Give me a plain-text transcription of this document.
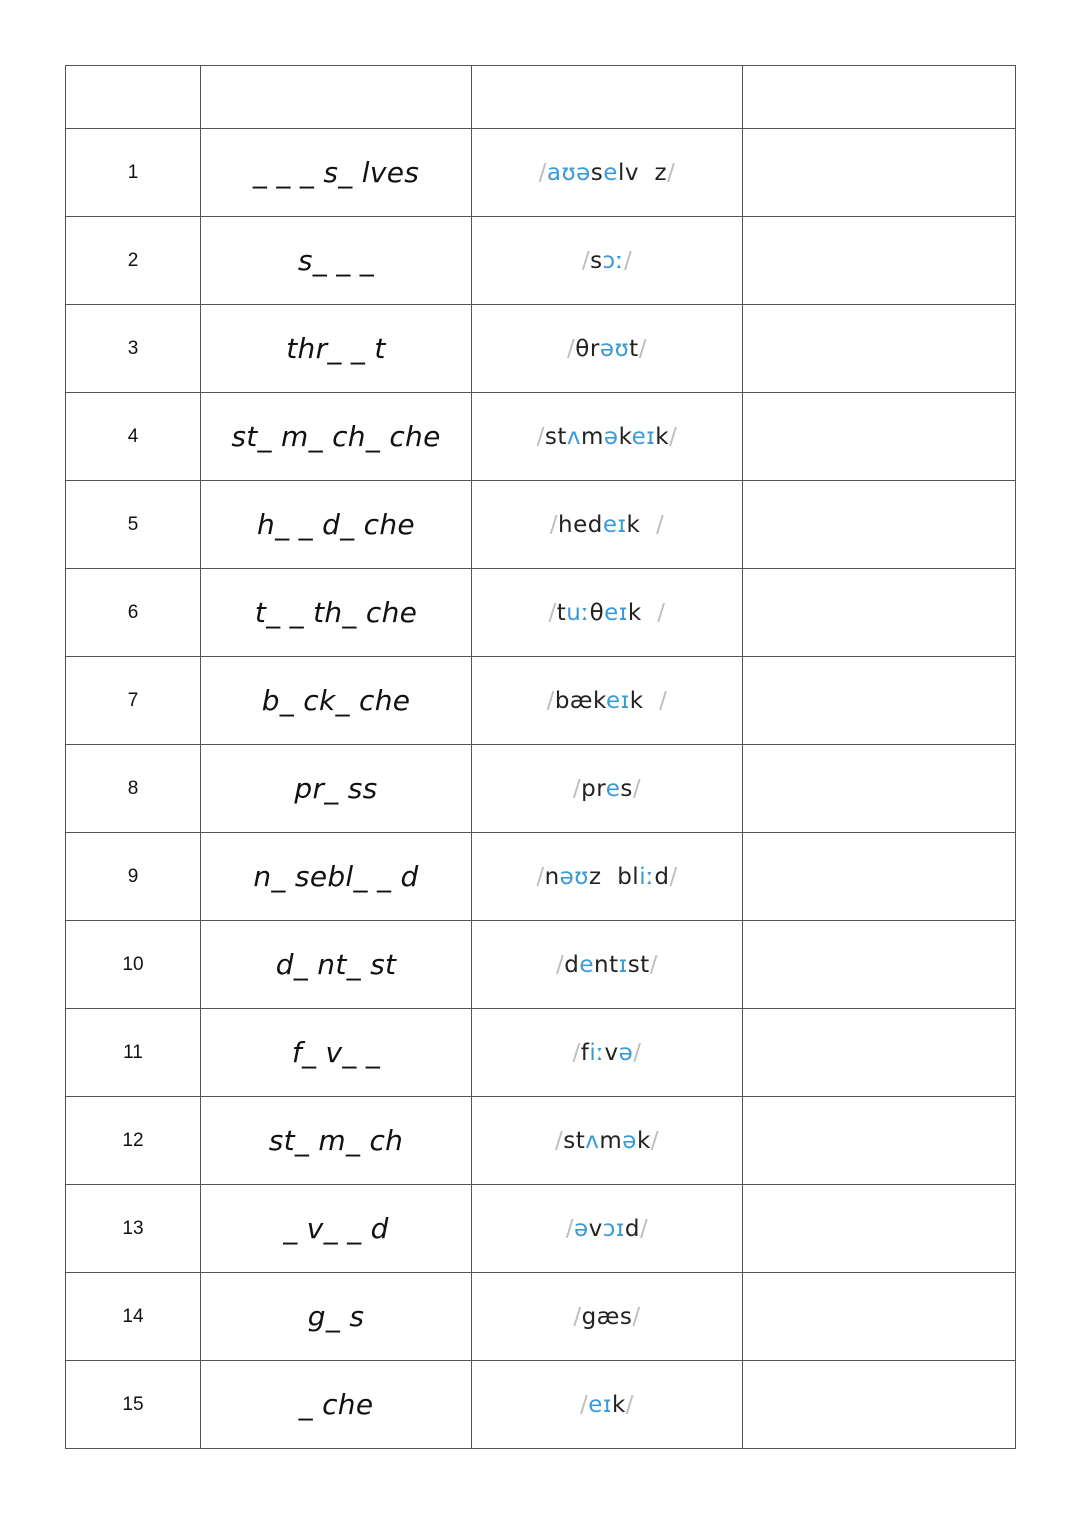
1	_ _ _ s_ lves	/aʊəselv  z/	
2	s_ _ _	/sɔː/	
3	thr_ _ t	/θrəʊt/	
4	st_ m_ ch_ che	/stʌməkeɪk/	
5	h_ _ d_ che	/hedeɪk  /	
6	t_ _ th_ che	/tuːθeɪk  /	
7	b_ ck_ che	/bækeɪk  /	
8	pr_ ss	/pres/	
9	n_ sebl_ _ d	/nəʊz  bliːd/	
10	d_ nt_ st	/dentɪst/	
11	f_ v_ _	/fiːvə/	
12	st_ m_ ch	/stʌmək/	
13	_ v_ _ d	/əvɔɪd/	
14	g_ s	/gæs/	
15	_ che	/eɪk/	
